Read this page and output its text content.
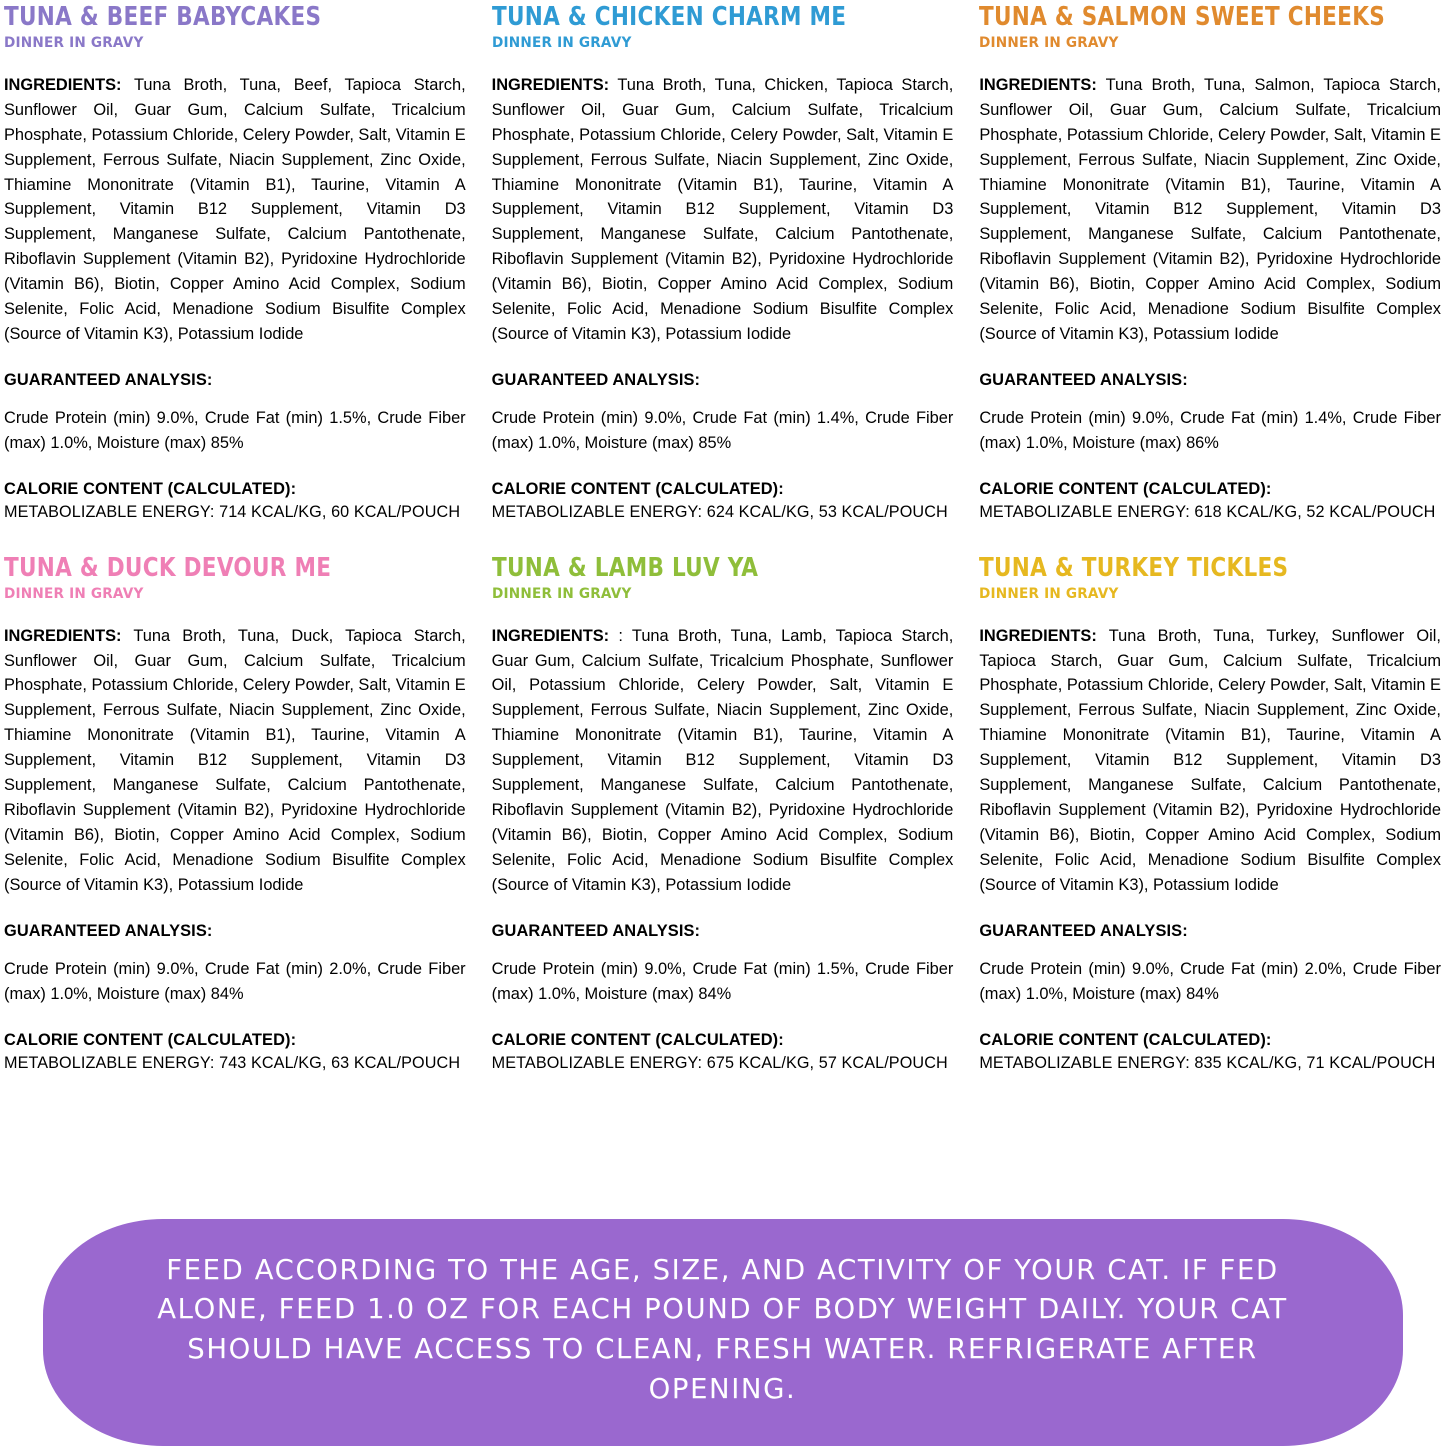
TUNA & BEEF BABYCAKES
DINNER IN GRAVY

INGREDIENTS: Tuna Broth, Tuna, Beef, Tapioca Starch, Sunflower Oil, Guar Gum, Calcium Sulfate, Tricalcium Phosphate, Potassium Chloride, Celery Powder, Salt, Vitamin E Supplement, Ferrous Sulfate, Niacin Supplement, Zinc Oxide, Thiamine Mononitrate (Vitamin B1), Taurine, Vitamin A Supplement, Vitamin B12 Supplement, Vitamin D3 Supplement, Manganese Sulfate, Calcium Pantothenate, Riboflavin Supplement (Vitamin B2), Pyridoxine Hydrochloride (Vitamin B6), Biotin, Copper Amino Acid Complex, Sodium Selenite, Folic Acid, Menadione Sodium Bisulfite Complex (Source of Vitamin K3), Potassium Iodide

GUARANTEED ANALYSIS:

Crude Protein (min) 9.0%, Crude Fat (min) 1.5%, Crude Fiber (max) 1.0%, Moisture (max) 85%

CALORIE CONTENT (CALCULATED):
METABOLIZABLE ENERGY: 714 KCAL/KG, 60 KCAL/POUCH
TUNA & CHICKEN CHARM ME
DINNER IN GRAVY

INGREDIENTS: Tuna Broth, Tuna, Chicken, Tapioca Starch, Sunflower Oil, Guar Gum, Calcium Sulfate, Tricalcium Phosphate, Potassium Chloride, Celery Powder, Salt, Vitamin E Supplement, Ferrous Sulfate, Niacin Supplement, Zinc Oxide, Thiamine Mononitrate (Vitamin B1), Taurine, Vitamin A Supplement, Vitamin B12 Supplement, Vitamin D3 Supplement, Manganese Sulfate, Calcium Pantothenate, Riboflavin Supplement (Vitamin B2), Pyridoxine Hydrochloride (Vitamin B6), Biotin, Copper Amino Acid Complex, Sodium Selenite, Folic Acid, Menadione Sodium Bisulfite Complex (Source of Vitamin K3), Potassium Iodide

GUARANTEED ANALYSIS:

Crude Protein (min) 9.0%, Crude Fat (min) 1.4%, Crude Fiber (max) 1.0%, Moisture (max) 85%

CALORIE CONTENT (CALCULATED):
METABOLIZABLE ENERGY: 624 KCAL/KG, 53 KCAL/POUCH
TUNA & SALMON SWEET CHEEKS
DINNER IN GRAVY

INGREDIENTS: Tuna Broth, Tuna, Salmon, Tapioca Starch, Sunflower Oil, Guar Gum, Calcium Sulfate, Tricalcium Phosphate, Potassium Chloride, Celery Powder, Salt, Vitamin E Supplement, Ferrous Sulfate, Niacin Supplement, Zinc Oxide, Thiamine Mononitrate (Vitamin B1), Taurine, Vitamin A Supplement, Vitamin B12 Supplement, Vitamin D3 Supplement, Manganese Sulfate, Calcium Pantothenate, Riboflavin Supplement (Vitamin B2), Pyridoxine Hydrochloride (Vitamin B6), Biotin, Copper Amino Acid Complex, Sodium Selenite, Folic Acid, Menadione Sodium Bisulfite Complex (Source of Vitamin K3), Potassium Iodide

GUARANTEED ANALYSIS:

Crude Protein (min) 9.0%, Crude Fat (min) 1.4%, Crude Fiber (max) 1.0%, Moisture (max) 86%

CALORIE CONTENT (CALCULATED):
METABOLIZABLE ENERGY: 618 KCAL/KG, 52 KCAL/POUCH
TUNA & DUCK DEVOUR ME
DINNER IN GRAVY

INGREDIENTS: Tuna Broth, Tuna, Duck, Tapioca Starch, Sunflower Oil, Guar Gum, Calcium Sulfate, Tricalcium Phosphate, Potassium Chloride, Celery Powder, Salt, Vitamin E Supplement, Ferrous Sulfate, Niacin Supplement, Zinc Oxide, Thiamine Mononitrate (Vitamin B1), Taurine, Vitamin A Supplement, Vitamin B12 Supplement, Vitamin D3 Supplement, Manganese Sulfate, Calcium Pantothenate, Riboflavin Supplement (Vitamin B2), Pyridoxine Hydrochloride (Vitamin B6), Biotin, Copper Amino Acid Complex, Sodium Selenite, Folic Acid, Menadione Sodium Bisulfite Complex (Source of Vitamin K3), Potassium Iodide

GUARANTEED ANALYSIS:

Crude Protein (min) 9.0%, Crude Fat (min) 2.0%, Crude Fiber (max) 1.0%, Moisture (max) 84%

CALORIE CONTENT (CALCULATED):
METABOLIZABLE ENERGY: 743 KCAL/KG, 63 KCAL/POUCH
TUNA & LAMB LUV YA
DINNER IN GRAVY

INGREDIENTS: : Tuna Broth, Tuna, Lamb, Tapioca Starch, Guar Gum, Calcium Sulfate, Tricalcium Phosphate, Sunflower Oil, Potassium Chloride, Celery Powder, Salt, Vitamin E Supplement, Ferrous Sulfate, Niacin Supplement, Zinc Oxide, Thiamine Mononitrate (Vitamin B1), Taurine, Vitamin A Supplement, Vitamin B12 Supplement, Vitamin D3 Supplement, Manganese Sulfate, Calcium Pantothenate, Riboflavin Supplement (Vitamin B2), Pyridoxine Hydrochloride (Vitamin B6), Biotin, Copper Amino Acid Complex, Sodium Selenite, Folic Acid, Menadione Sodium Bisulfite Complex (Source of Vitamin K3), Potassium Iodide

GUARANTEED ANALYSIS:

Crude Protein (min) 9.0%, Crude Fat (min) 1.5%, Crude Fiber (max) 1.0%, Moisture (max) 84%

CALORIE CONTENT (CALCULATED):
METABOLIZABLE ENERGY: 675 KCAL/KG, 57 KCAL/POUCH
TUNA & TURKEY TICKLES
DINNER IN GRAVY

INGREDIENTS: Tuna Broth, Tuna, Turkey, Sunflower Oil, Tapioca Starch, Guar Gum, Calcium Sulfate, Tricalcium Phosphate, Potassium Chloride, Celery Powder, Salt, Vitamin E Supplement, Ferrous Sulfate, Niacin Supplement, Zinc Oxide, Thiamine Mononitrate (Vitamin B1), Taurine, Vitamin A Supplement, Vitamin B12 Supplement, Vitamin D3 Supplement, Manganese Sulfate, Calcium Pantothenate, Riboflavin Supplement (Vitamin B2), Pyridoxine Hydrochloride (Vitamin B6), Biotin, Copper Amino Acid Complex, Sodium Selenite, Folic Acid, Menadione Sodium Bisulfite Complex (Source of Vitamin K3), Potassium Iodide

GUARANTEED ANALYSIS:

Crude Protein (min) 9.0%, Crude Fat (min) 2.0%, Crude Fiber (max) 1.0%, Moisture (max) 84%

CALORIE CONTENT (CALCULATED):
METABOLIZABLE ENERGY: 835 KCAL/KG, 71 KCAL/POUCH
FEED ACCORDING TO THE AGE, SIZE, AND ACTIVITY OF YOUR CAT. IF FED ALONE, FEED 1.0 OZ FOR EACH POUND OF BODY WEIGHT DAILY. YOUR CAT SHOULD HAVE ACCESS TO CLEAN, FRESH WATER. REFRIGERATE AFTER OPENING.
